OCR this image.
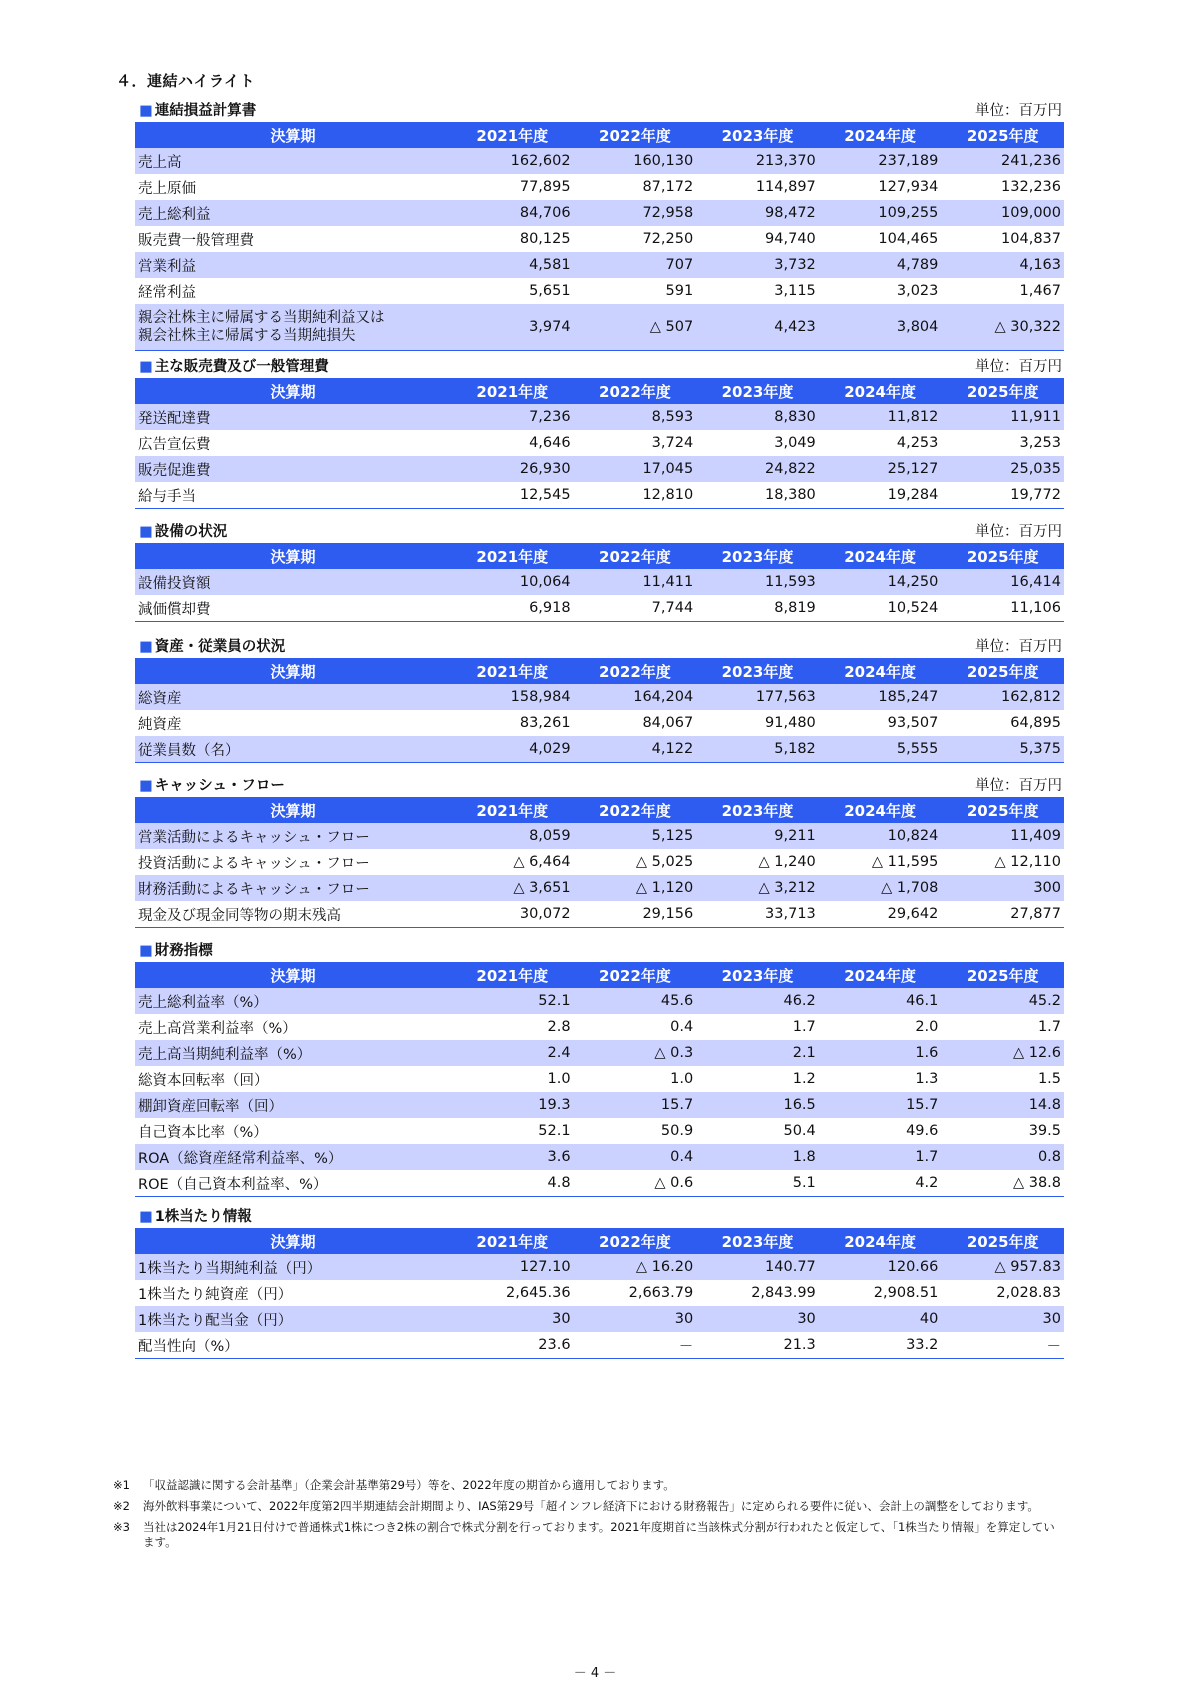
４．連結ハイライト
■ 連結損益計算書	単位：百万円
決算期	2021年度	2022年度	2023年度	2024年度	2025年度

売上高	162,602	160,130	213,370	237,189	241,236

売上原価	77,895	87,172	114,897	127,934	132,236

売上総利益	84,706	72,958	98,472	109,255	109,000

販売費一般管理費	80,125	72,250	94,740	104,465	104,837

営業利益	4,581	707	3,732	4,789	4,163

経常利益	5,651	591	3,115	3,023	1,467

親会社株主に帰属する当期純利益又は
親会社株主に帰属する当期純損失	3,974	△ 507	4,423	3,804	△ 30,322
■ 主な販売費及び一般管理費	単位：百万円
決算期	2021年度	2022年度	2023年度	2024年度	2025年度

発送配達費	7,236	8,593	8,830	11,812	11,911

広告宣伝費	4,646	3,724	3,049	4,253	3,253

販売促進費	26,930	17,045	24,822	25,127	25,035

給与手当	12,545	12,810	18,380	19,284	19,772
■ 設備の状況	単位：百万円
決算期	2021年度	2022年度	2023年度	2024年度	2025年度

設備投資額	10,064	11,411	11,593	14,250	16,414

減価償却費	6,918	7,744	8,819	10,524	11,106
■ 資産・従業員の状況	単位：百万円
決算期	2021年度	2022年度	2023年度	2024年度	2025年度

総資産	158,984	164,204	177,563	185,247	162,812

純資産	83,261	84,067	91,480	93,507	64,895

従業員数（名）	4,029	4,122	5,182	5,555	5,375
■ キャッシュ・フロー	単位：百万円
決算期	2021年度	2022年度	2023年度	2024年度	2025年度

営業活動によるキャッシュ・フロー	8,059	5,125	9,211	10,824	11,409

投資活動によるキャッシュ・フロー	△ 6,464	△ 5,025	△ 1,240	△ 11,595	△ 12,110

財務活動によるキャッシュ・フロー	△ 3,651	△ 1,120	△ 3,212	△ 1,708	300

現金及び現金同等物の期末残高	30,072	29,156	33,713	29,642	27,877
■ 財務指標
決算期	2021年度	2022年度	2023年度	2024年度	2025年度

売上総利益率（%）	52.1	45.6	46.2	46.1	45.2

売上高営業利益率（%）	2.8	0.4	1.7	2.0	1.7

売上高当期純利益率（%）	2.4	△ 0.3	2.1	1.6	△ 12.6

総資本回転率（回）	1.0	1.0	1.2	1.3	1.5

棚卸資産回転率（回）	19.3	15.7	16.5	15.7	14.8

自己資本比率（%）	52.1	50.9	50.4	49.6	39.5

ROA（総資産経常利益率、%）	3.6	0.4	1.8	1.7	0.8

ROE（自己資本利益率、%）	4.8	△ 0.6	5.1	4.2	△ 38.8
■ 1株当たり情報
決算期	2021年度	2022年度	2023年度	2024年度	2025年度

1株当たり当期純利益（円）	127.10	△ 16.20	140.77	120.66	△ 957.83

1株当たり純資産（円）	2,645.36	2,663.79	2,843.99	2,908.51	2,028.83

1株当たり配当金（円）	30	30	30	40	30

配当性向（%）	23.6	－	21.3	33.2	－
※1	「収益認識に関する会計基準」（企業会計基準第29号）等を、2022年度の期首から適用しております。
※2	海外飲料事業について、2022年度第2四半期連結会計期間より、IAS第29号「超インフレ経済下における財務報告」に定められる要件に従い、会計上の調整をしております。
※3	当社は2024年1月21日付けで普通株式1株につき2株の割合で株式分割を行っております。2021年度期首に当該株式分割が行われたと仮定して、「1株当たり情報」を算定しています。
－ 4 －
